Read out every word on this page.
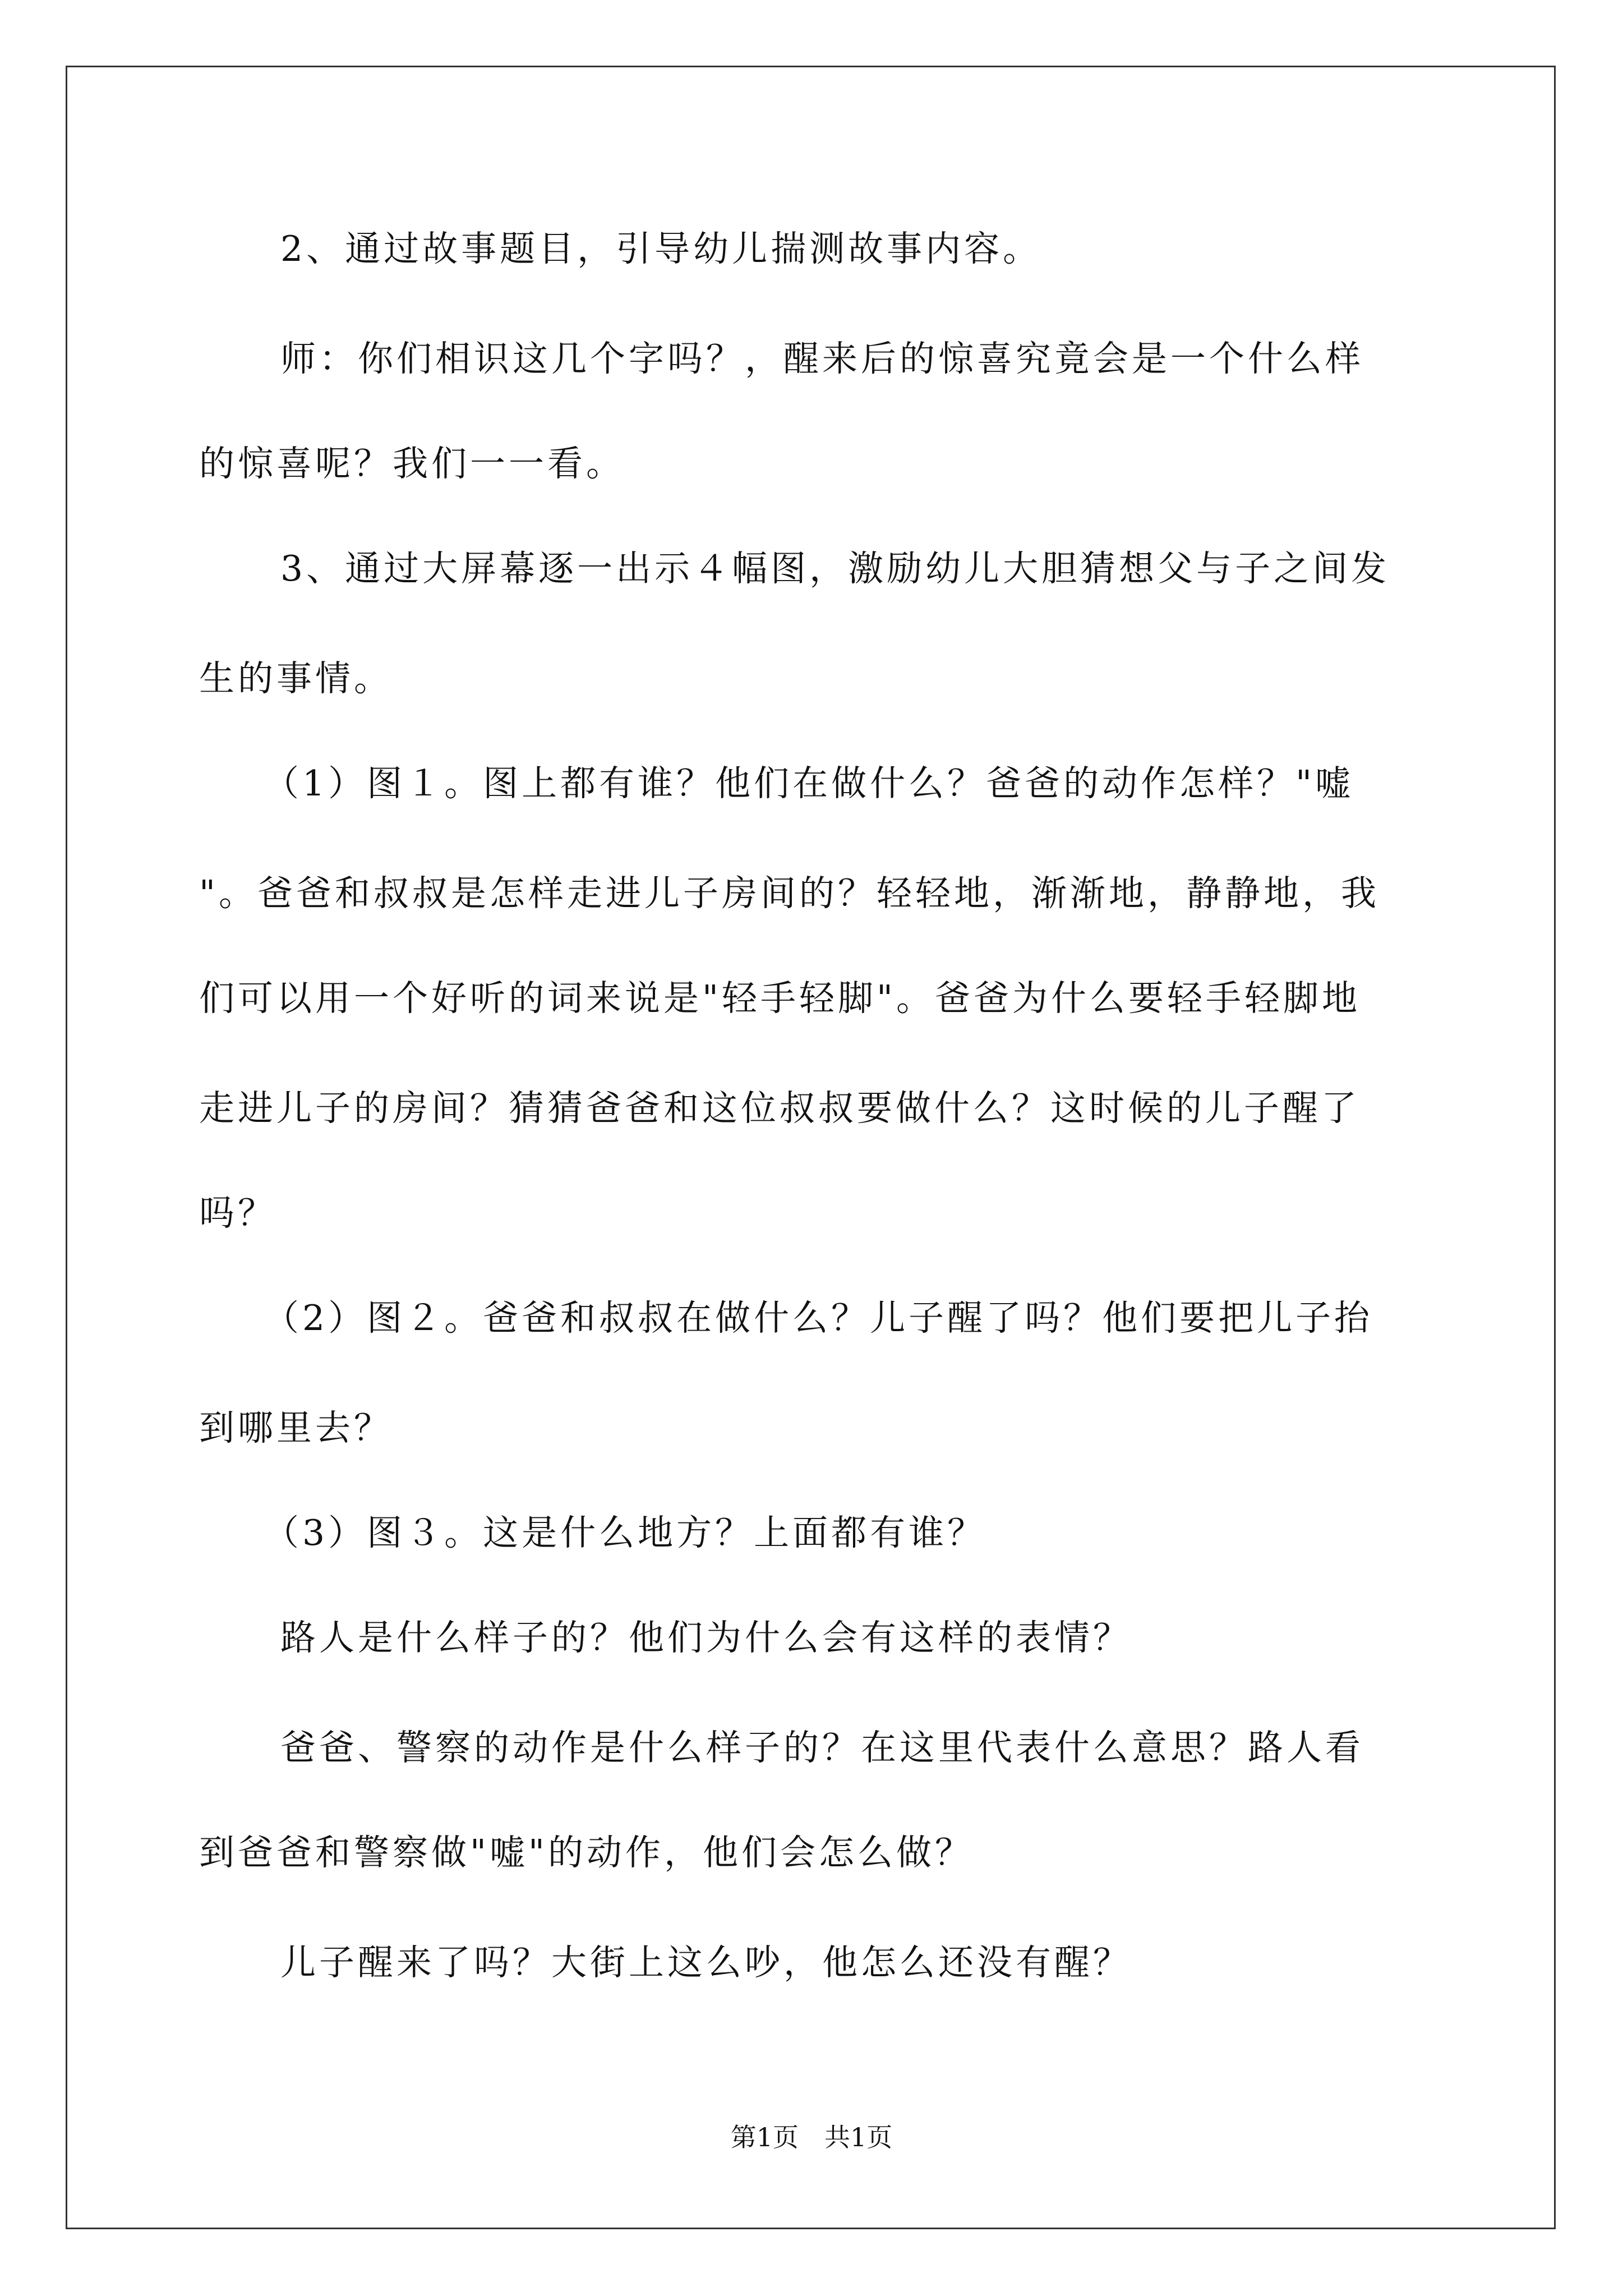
2、通过故事题目，引导幼儿揣测故事内容。
师：你们相识这几个字吗？，醒来后的惊喜究竟会是一个什么样
的惊喜呢？我们一一看。
3、通过大屏幕逐一出示４幅图，激励幼儿大胆猜想父与子之间发
生的事情。
（1）图１。图上都有谁？他们在做什么？爸爸的动作怎样？"嘘
"。爸爸和叔叔是怎样走进儿子房间的？轻轻地，渐渐地，静静地，我
们可以用一个好听的词来说是"轻手轻脚"。爸爸为什么要轻手轻脚地
走进儿子的房间？猜猜爸爸和这位叔叔要做什么？这时候的儿子醒了
吗？
（2）图２。爸爸和叔叔在做什么？儿子醒了吗？他们要把儿子抬
到哪里去？
（3）图３。这是什么地方？上面都有谁？
路人是什么样子的？他们为什么会有这样的表情？
爸爸、警察的动作是什么样子的？在这里代表什么意思？路人看
到爸爸和警察做"嘘"的动作，他们会怎么做？
儿子醒来了吗？大街上这么吵，他怎么还没有醒？
第1页　共1页
